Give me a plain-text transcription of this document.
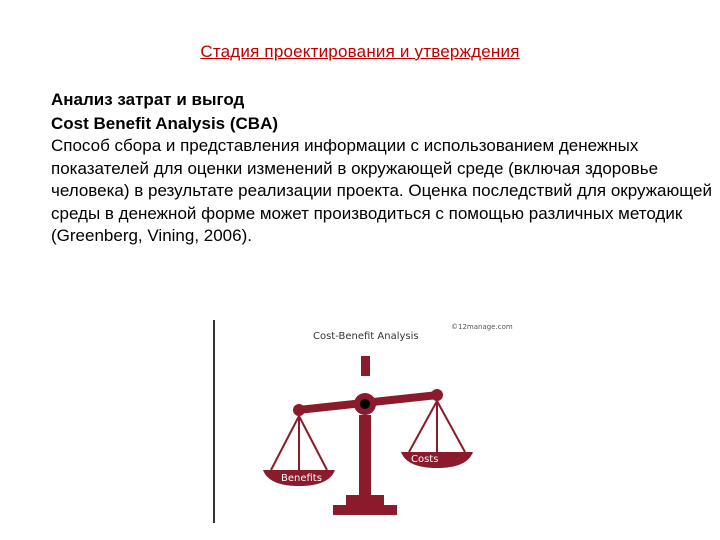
Стадия проектирования и утверждения

Анализ затрат и выгод

Cost Benefit Analysis (CBA)

Способ сбора и представления информации с использованием денежных показателей для оценки изменений в окружающей среде (включая здоровье человека) в результате реализации проекта. Оценка последствий для окружающей среды в денежной форме может производиться с помощью различных методик (Greenberg, Vining, 2006).

©12manage.com
Cost-Benefit Analysis
Benefits
Costs
